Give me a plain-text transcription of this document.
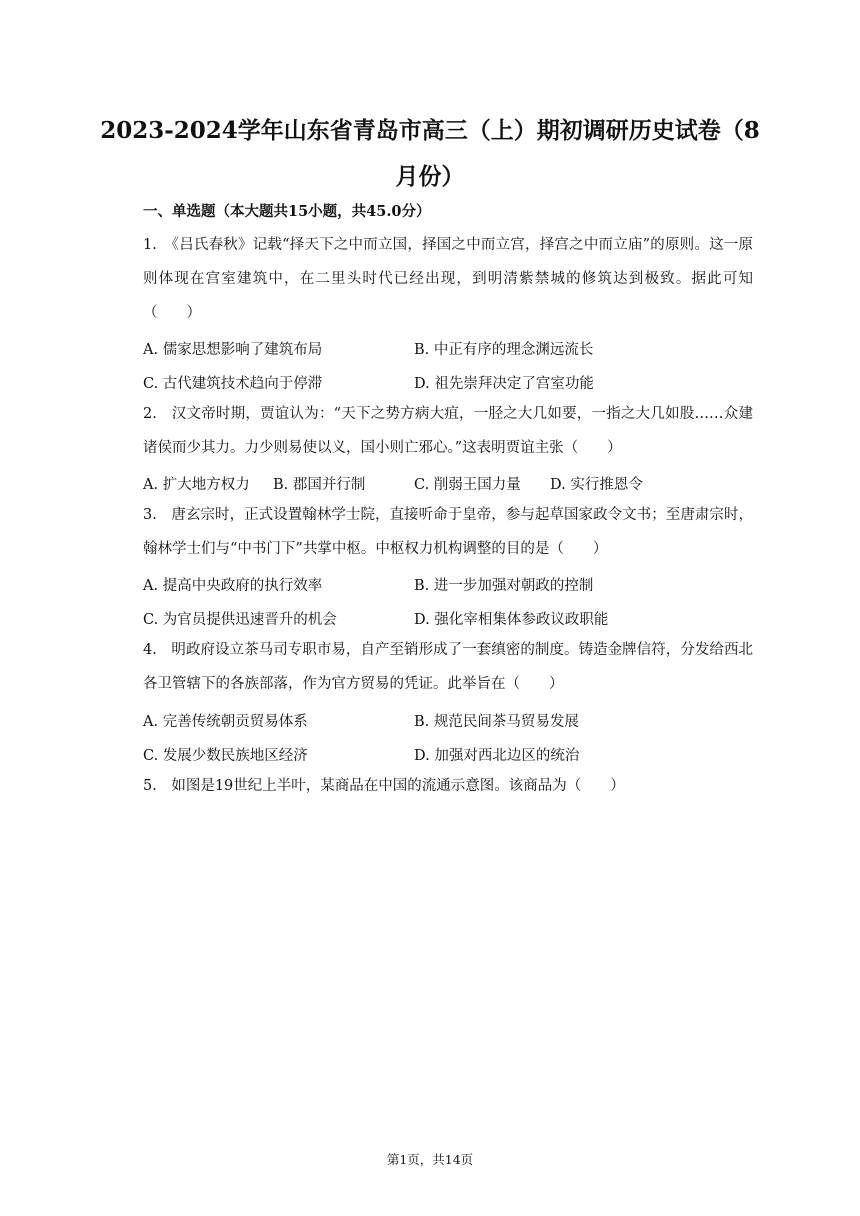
2023-2024学年山东省青岛市高三（上）期初调研历史试卷（8
月份）
一、单选题（本大题共15小题，共45.0分）
1.　《吕氏春秋》记载“择天下之中而立国，择国之中而立宫，择宫之中而立庙”的原则。这一原则体现在宫室建筑中，在二里头时代已经出现，到明清紫禁城的修筑达到极致。据此可知（　　）
A. 儒家思想影响了建筑布局	B. 中正有序的理念渊远流长
C. 古代建筑技术趋向于停滞	D. 祖先崇拜决定了宫室功能
2.　汉文帝时期，贾谊认为：“天下之势方病大疽，一胫之大几如要，一指之大几如股……众建诸侯而少其力。力少则易使以义，国小则亡邪心。”这表明贾谊主张（　　）
A. 扩大地方权力 B. 郡国并行制	C. 削弱王国力量 D. 实行推恩令
3.　唐玄宗时，正式设置翰林学士院，直接听命于皇帝，参与起草国家政令文书；至唐肃宗时，翰林学士们与“中书门下”共掌中枢。中枢权力机构调整的目的是（　　）
A. 提高中央政府的执行效率	B. 进一步加强对朝政的控制
C. 为官员提供迅速晋升的机会	D. 强化宰相集体参政议政职能
4.　明政府设立茶马司专职市易，自产至销形成了一套缜密的制度。铸造金牌信符，分发给西北各卫管辖下的各族部落，作为官方贸易的凭证。此举旨在（　　）
A. 完善传统朝贡贸易体系	B. 规范民间茶马贸易发展
C. 发展少数民族地区经济	D. 加强对西北边区的统治
5.　如图是19世纪上半叶，某商品在中国的流通示意图。该商品为（　　）
第1页，共14页
